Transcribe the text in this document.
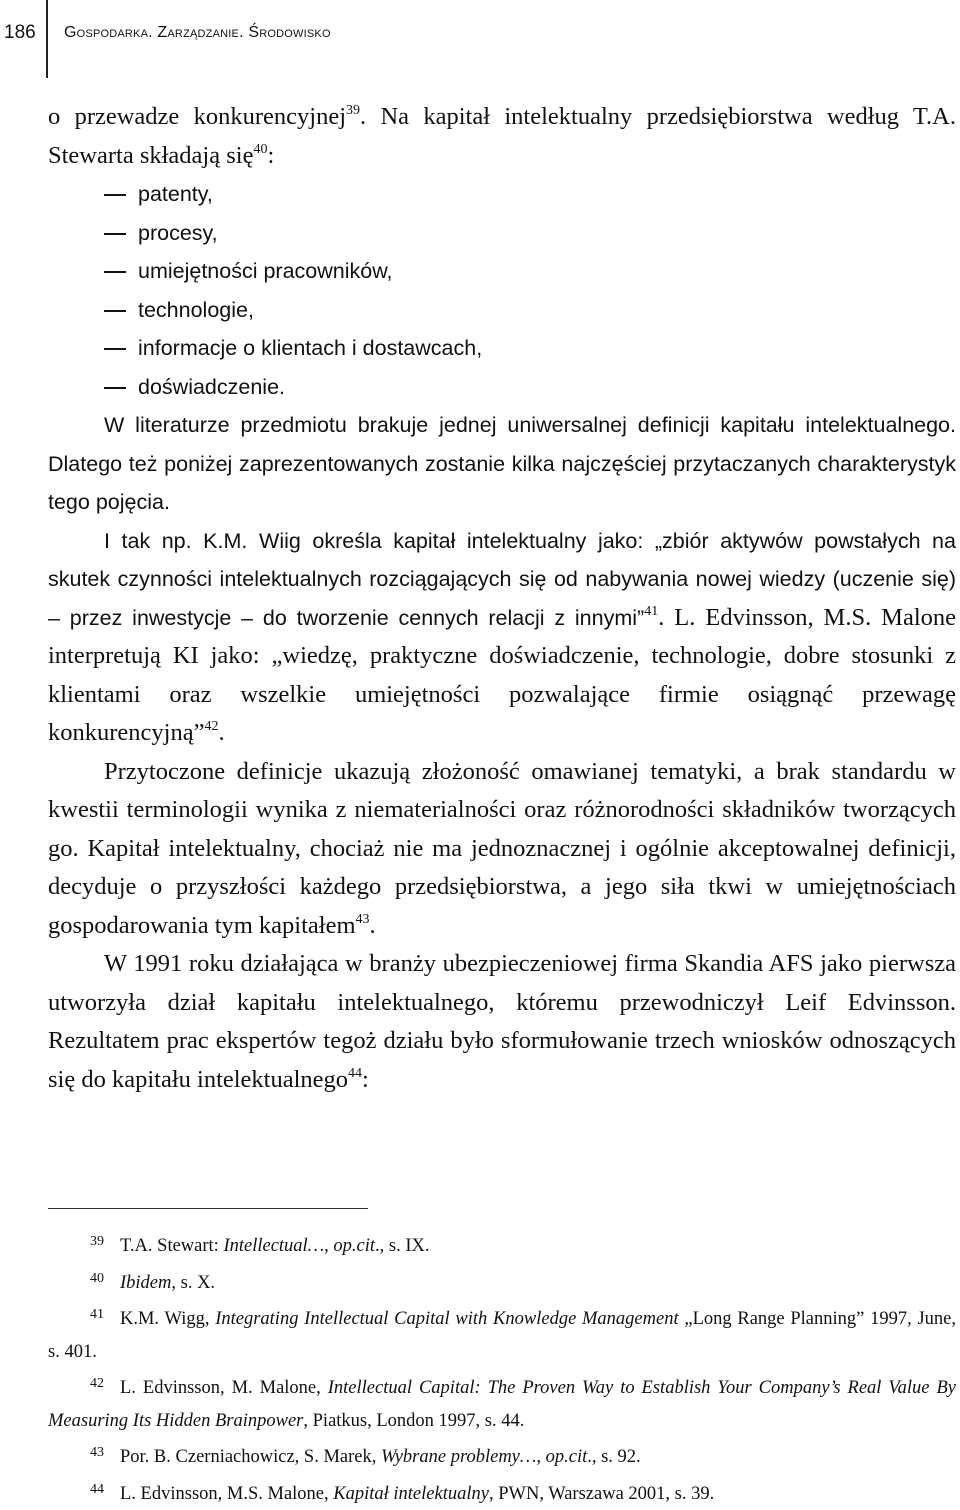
186 Gospodarka. Zarządzanie. Środowisko

o przewadze konkurencyjnej$^{39}$. Na kapitał intelektualny przedsiębiorstwa według T.A. Stewarta składają się$^{40}$:

patenty,
procesy,
umiejętności pracowników,
technologie,
informacje o klientach i dostawcach,
doświadczenie.

W literaturze przedmiotu brakuje jednej uniwersalnej definicji kapitału intelektualnego. Dlatego też poniżej zaprezentowanych zostanie kilka najczęściej przytaczanych charakterystyk tego pojęcia.

I tak np. K.M. Wiig określa kapitał intelektualny jako: „zbiór aktywów powstałych na skutek czynności intelektualnych rozciągających się od nabywania nowej wiedzy (uczenie się) – przez inwestycje – do tworzenie cennych relacji z innymi”$^{41}$. L. Edvinsson, M.S. Malone interpretują KI jako: „wiedzę, praktyczne doświadczenie, technologie, dobre stosunki z klientami oraz wszelkie umiejętności pozwalające firmie osiągnąć przewagę konkurencyjną”$^{42}$.

Przytoczone definicje ukazują złożoność omawianej tematyki, a brak standardu w kwestii terminologii wynika z niematerialności oraz różnorodności składników tworzących go. Kapitał intelektualny, chociaż nie ma jednoznacznej i ogólnie akceptowalnej definicji, decyduje o przyszłości każdego przedsiębiorstwa, a jego siła tkwi w umiejętnościach gospodarowania tym kapitałem$^{43}$.

W 1991 roku działająca w branży ubezpieczeniowej firma Skandia AFS jako pierwsza utworzyła dział kapitału intelektualnego, któremu przewodniczył Leif Edvinsson. Rezultatem prac ekspertów tegoż działu było sformułowanie trzech wniosków odnoszących się do kapitału intelektualnego$^{44}$:

39 T.A. Stewart: Intellectual…, op.cit., s. IX.

40 Ibidem, s. X.

41 K.M. Wigg, Integrating Intellectual Capital with Knowledge Management „Long Range Planning” 1997, June, s. 401.

42 L. Edvinsson, M. Malone, Intellectual Capital: The Proven Way to Establish Your Company’s Real Value By Measuring Its Hidden Brainpower, Piatkus, London 1997, s. 44.

43 Por. B. Czerniachowicz, S. Marek, Wybrane problemy…, op.cit., s. 92.

44 L. Edvinsson, M.S. Malone, Kapitał intelektualny, PWN, Warszawa 2001, s. 39.
